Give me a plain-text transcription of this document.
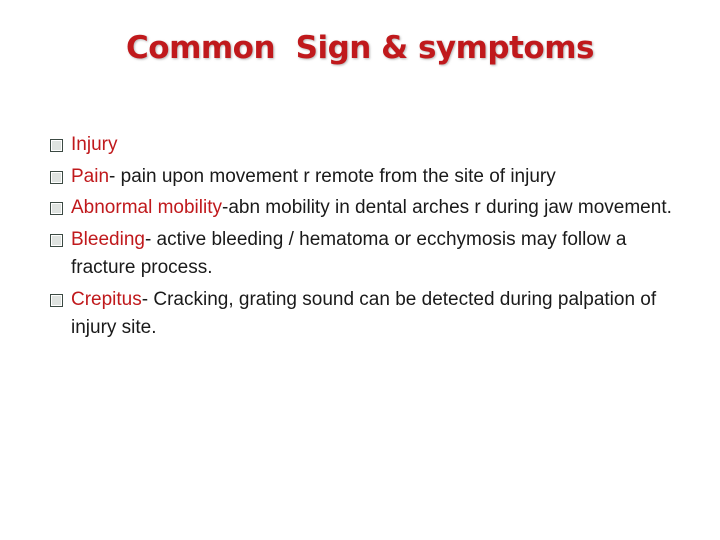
Common  Sign & symptoms
Injury
Pain- pain upon movement r remote from the site of injury
Abnormal mobility-abn mobility in dental arches r during jaw movement.
Bleeding- active bleeding / hematoma or ecchymosis may follow a fracture process.
Crepitus- Cracking, grating sound can be detected during palpation of injury site.
